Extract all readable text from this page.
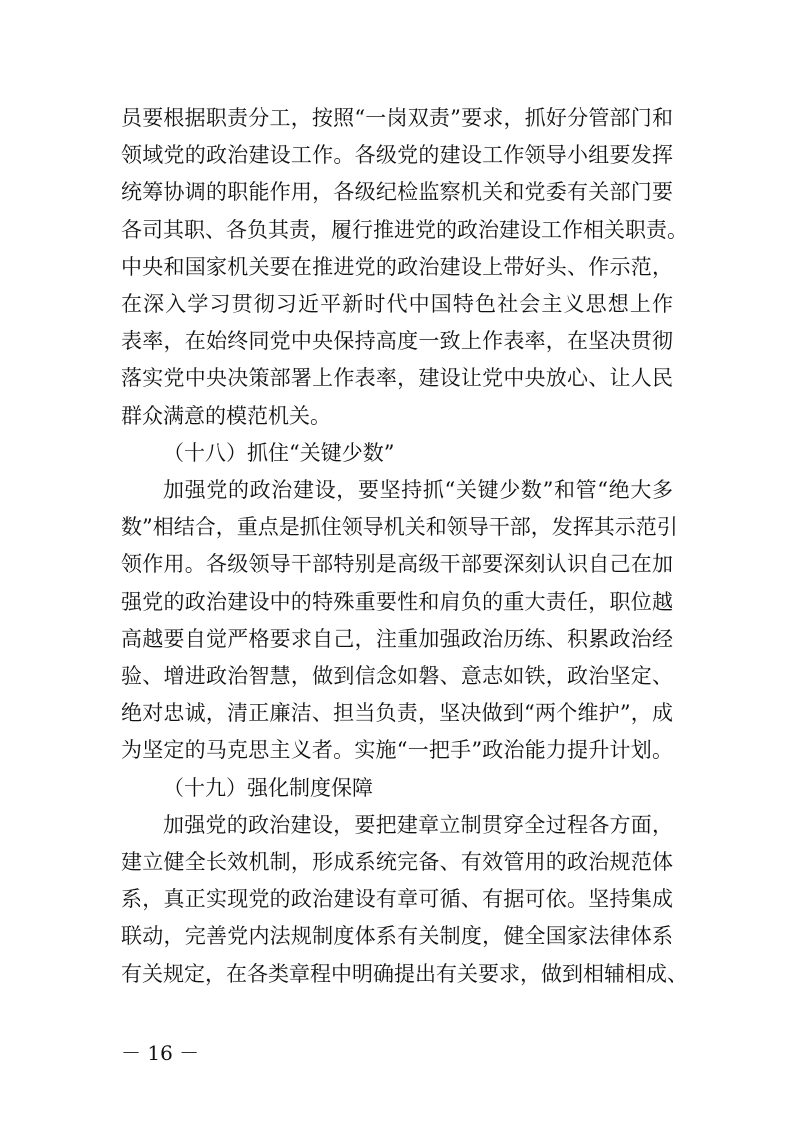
员要根据职责分工，按照“一岗双责”要求，抓好分管部门和
领域党的政治建设工作。各级党的建设工作领导小组要发挥
统筹协调的职能作用，各级纪检监察机关和党委有关部门要
各司其职、各负其责，履行推进党的政治建设工作相关职责。
中央和国家机关要在推进党的政治建设上带好头、作示范，
在深入学习贯彻习近平新时代中国特色社会主义思想上作
表率，在始终同党中央保持高度一致上作表率，在坚决贯彻
落实党中央决策部署上作表率，建设让党中央放心、让人民
群众满意的模范机关。
（十八）抓住“关键少数”
加强党的政治建设，要坚持抓“关键少数”和管“绝大多
数”相结合，重点是抓住领导机关和领导干部，发挥其示范引
领作用。各级领导干部特别是高级干部要深刻认识自己在加
强党的政治建设中的特殊重要性和肩负的重大责任，职位越
高越要自觉严格要求自己，注重加强政治历练、积累政治经
验、增进政治智慧，做到信念如磐、意志如铁，政治坚定、
绝对忠诚，清正廉洁、担当负责，坚决做到“两个维护”，成
为坚定的马克思主义者。实施“一把手”政治能力提升计划。
（十九）强化制度保障
加强党的政治建设，要把建章立制贯穿全过程各方面，
建立健全长效机制，形成系统完备、有效管用的政治规范体
系，真正实现党的政治建设有章可循、有据可依。坚持集成
联动，完善党内法规制度体系有关制度，健全国家法律体系
有关规定，在各类章程中明确提出有关要求，做到相辅相成、
－ 16 －
